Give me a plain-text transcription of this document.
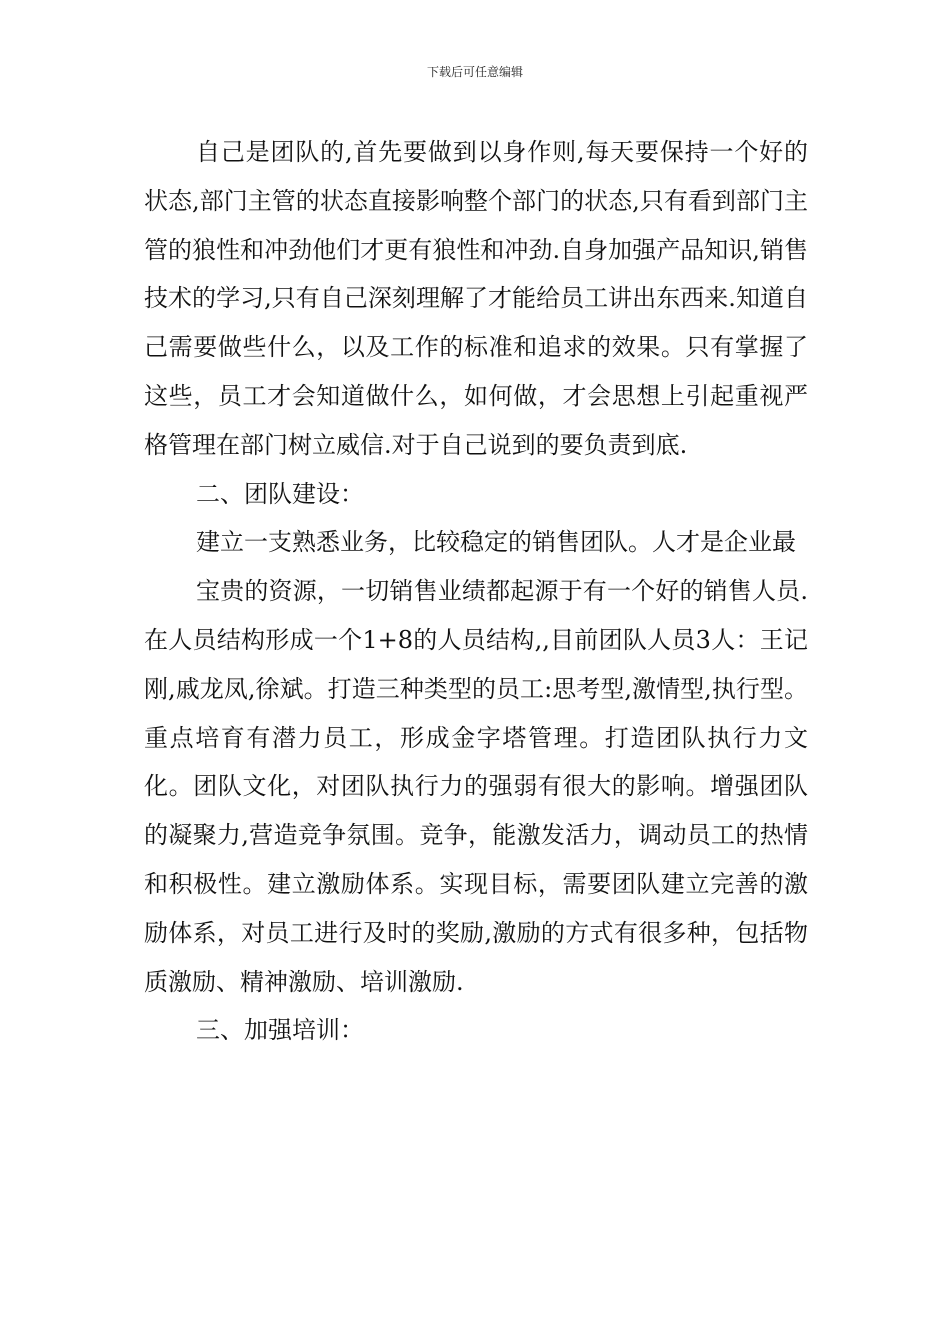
下载后可任意编辑

自己是团队的,首先要做到以身作则,每天要保持一个好的状态,部门主管的状态直接影响整个部门的状态,只有看到部门主管的狼性和冲劲他们才更有狼性和冲劲.自身加强产品知识,销售技术的学习,只有自己深刻理解了才能给员工讲出东西来.知道自己需要做些什么，以及工作的标准和追求的效果。只有掌握了这些，员工才会知道做什么，如何做，才会思想上引起重视严格管理在部门树立威信.对于自己说到的要负责到底.

二、团队建设：

建立一支熟悉业务，比较稳定的销售团队。人才是企业最

宝贵的资源，一切销售业绩都起源于有一个好的销售人员.在人员结构形成一个1+8的人员结构,,目前团队人员3人：王记刚,戚龙凤,徐斌。打造三种类型的员工:思考型,激情型,执行型。重点培育有潜力员工，形成金字塔管理。打造团队执行力文化。团队文化，对团队执行力的强弱有很大的影响。增强团队的凝聚力,营造竞争氛围。竞争，能激发活力，调动员工的热情和积极性。建立激励体系。实现目标，需要团队建立完善的激励体系，对员工进行及时的奖励,激励的方式有很多种，包括物质激励、精神激励、培训激励.

三、加强培训：
